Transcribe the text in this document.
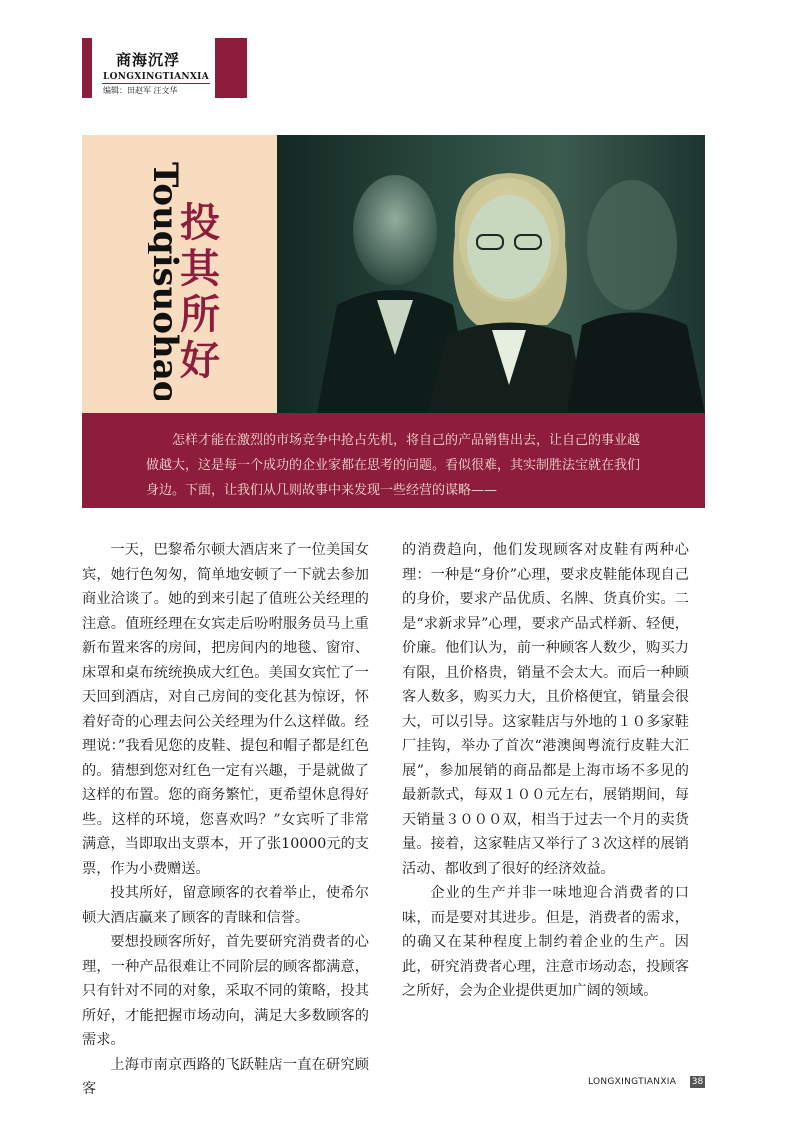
商海沉浮
LONGXINGTIANXIA
编辑：田赵军 汪文华
Touqisuohao
投
其
所
好
怎样才能在激烈的市场竞争中抢占先机，将自己的产品销售出去，让自己的事业越做越大，这是每一个成功的企业家都在思考的问题。看似很难，其实制胜法宝就在我们身边。下面，让我们从几则故事中来发现一些经营的谋略——

一天，巴黎希尔顿大酒店来了一位美国女宾，她行色匆匆，简单地安顿了一下就去参加商业洽谈了。她的到来引起了值班公关经理的注意。值班经理在女宾走后吩咐服务员马上重新布置来客的房间，把房间内的地毯、窗帘、床罩和桌布统统换成大红色。美国女宾忙了一天回到酒店，对自己房间的变化甚为惊讶，怀着好奇的心理去问公关经理为什么这样做。经理说：”我看见您的皮鞋、提包和帽子都是红色的。猜想到您对红色一定有兴趣，于是就做了这样的布置。您的商务繁忙，更希望休息得好些。这样的环境，您喜欢吗？”女宾听了非常满意，当即取出支票本，开了张10000元的支票，作为小费赠送。

投其所好，留意顾客的衣着举止，使希尔顿大酒店赢来了顾客的青睐和信誉。

要想投顾客所好，首先要研究消费者的心理，一种产品很难让不同阶层的顾客都满意，只有针对不同的对象，采取不同的策略，投其所好，才能把握市场动向，满足大多数顾客的需求。

上海市南京西路的飞跃鞋店一直在研究顾客

的消费趋向，他们发现顾客对皮鞋有两种心理：一种是“身价”心理，要求皮鞋能体现自己的身价，要求产品优质、名牌、货真价实。二是“求新求异”心理，要求产品式样新、轻便，价廉。他们认为，前一种顾客人数少，购买力有限，且价格贵，销量不会太大。而后一种顾客人数多，购买力大，且价格便宜，销量会很大，可以引导。这家鞋店与外地的１０多家鞋厂挂钩，举办了首次“港澳闽粤流行皮鞋大汇展”，参加展销的商品都是上海市场不多见的最新款式，每双１００元左右，展销期间，每天销量３０００双，相当于过去一个月的卖货量。接着，这家鞋店又举行了３次这样的展销活动、都收到了很好的经济效益。

企业的生产并非一味地迎合消费者的口味，而是要对其进步。但是，消费者的需求，的确又在某种程度上制约着企业的生产。因此，研究消费者心理，注意市场动态，投顾客之所好，会为企业提供更加广阔的领域。

LONGXINGTIANXIA 38
